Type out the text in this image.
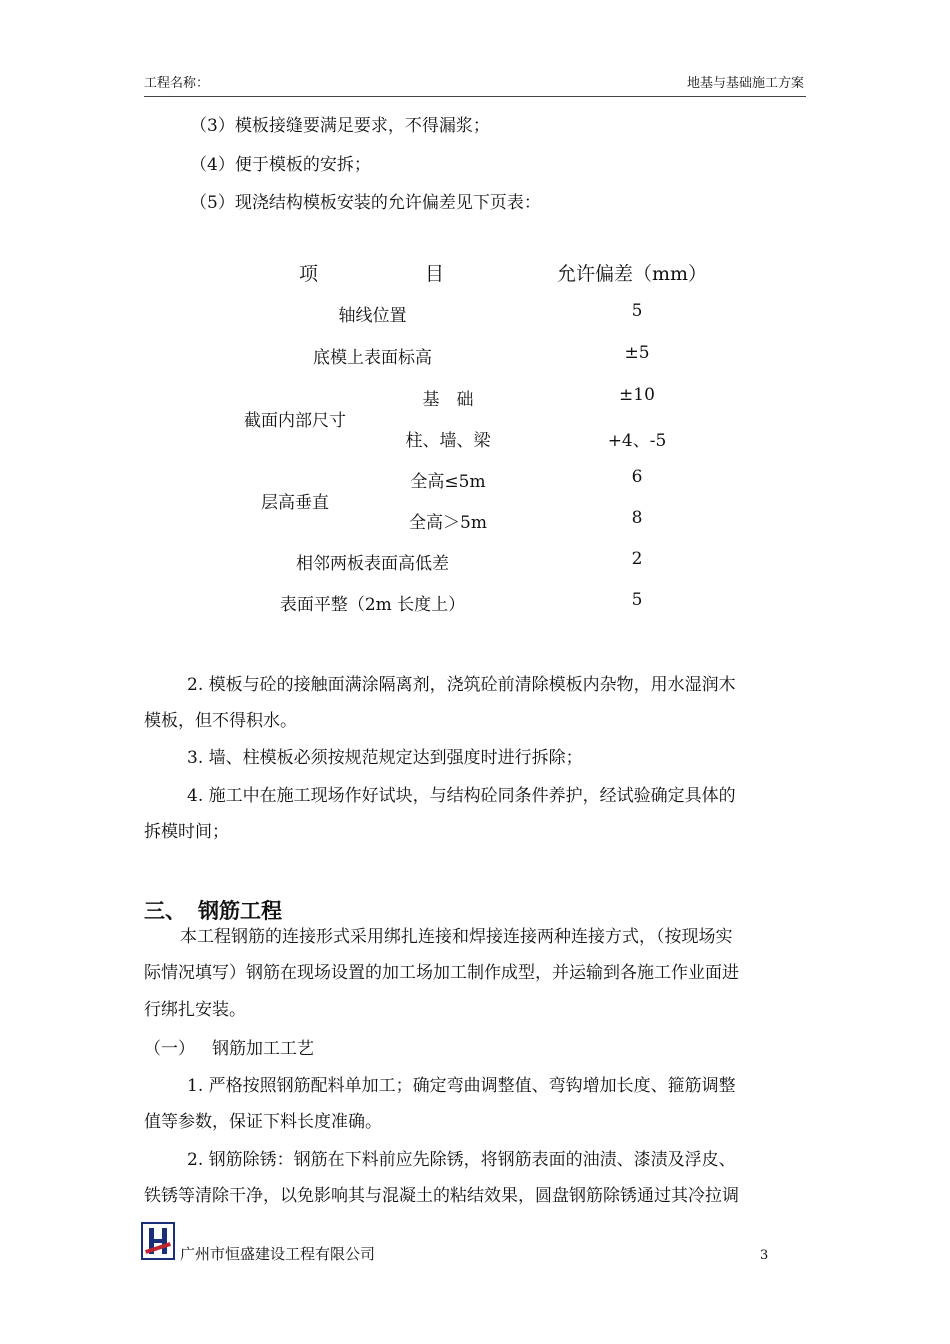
工程名称：	地基与基础施工方案
（3）模板接缝要满足要求，不得漏浆；
（4）便于模板的安拆；
（5）现浇结构模板安装的允许偏差见下页表：
项	目	允许偏差（mm）
轴线位置	5
底模上表面标高	±5
截面内部尺寸
基　础	±10
柱、墙、梁	+4、-5
层高垂直
全高≤5m	6
全高＞5m	8
相邻两板表面高低差	2
表面平整（2m 长度上）	5
2. 模板与砼的接触面满涂隔离剂，浇筑砼前清除模板内杂物，用水湿润木
模板，但不得积水。
3. 墙、柱模板必须按规范规定达到强度时进行拆除；
4. 施工中在施工现场作好试块，与结构砼同条件养护，经试验确定具体的
拆模时间；
三、 钢筋工程
本工程钢筋的连接形式采用绑扎连接和焊接连接两种连接方式，（按现场实
际情况填写）钢筋在现场设置的加工场加工制作成型，并运输到各施工作业面进
行绑扎安装。
（一） 钢筋加工工艺
1. 严格按照钢筋配料单加工；确定弯曲调整值、弯钩增加长度、箍筋调整
值等参数，保证下料长度准确。
2. 钢筋除锈：钢筋在下料前应先除锈，将钢筋表面的油渍、漆渍及浮皮、
铁锈等清除干净，以免影响其与混凝土的粘结效果，圆盘钢筋除锈通过其冷拉调
广州市恒盛建设工程有限公司	3
